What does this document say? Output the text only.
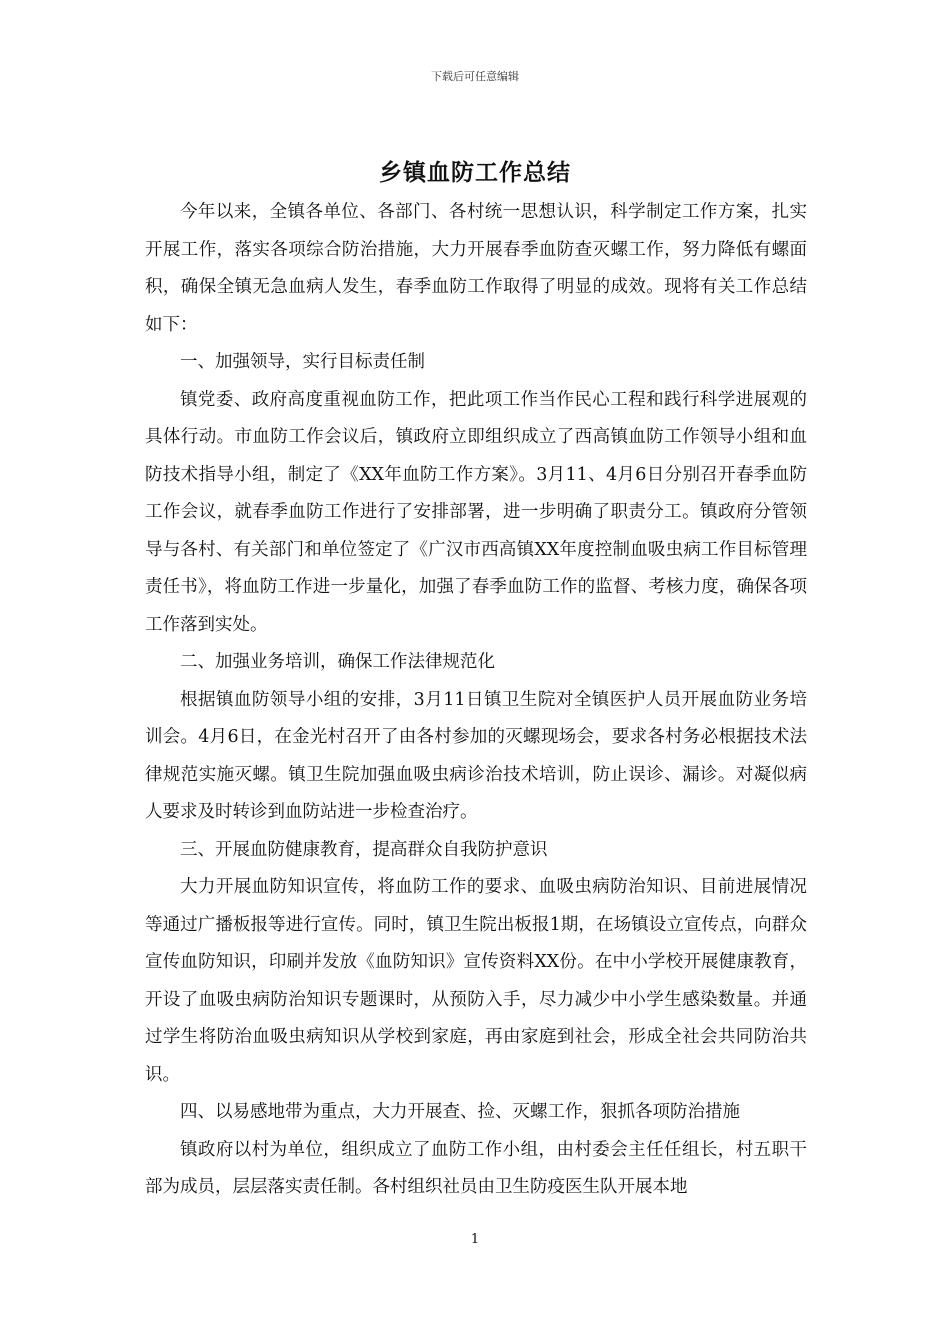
下载后可任意编辑
乡镇血防工作总结

今年以来，全镇各单位、各部门、各村统一思想认识，科学制定工作方案，扎实开展工作，落实各项综合防治措施，大力开展春季血防查灭螺工作，努力降低有螺面积，确保全镇无急血病人发生，春季血防工作取得了明显的成效。现将有关工作总结如下：

一、加强领导，实行目标责任制

镇党委、政府高度重视血防工作，把此项工作当作民心工程和践行科学进展观的具体行动。市血防工作会议后，镇政府立即组织成立了西高镇血防工作领导小组和血防技术指导小组，制定了《XX年血防工作方案》。3月11、4月6日分别召开春季血防工作会议，就春季血防工作进行了安排部署，进一步明确了职责分工。镇政府分管领导与各村、有关部门和单位签定了《广汉市西高镇XX年度控制血吸虫病工作目标管理责任书》，将血防工作进一步量化，加强了春季血防工作的监督、考核力度，确保各项工作落到实处。

二、加强业务培训，确保工作法律规范化

根据镇血防领导小组的安排，3月11日镇卫生院对全镇医护人员开展血防业务培训会。4月6日，在金光村召开了由各村参加的灭螺现场会，要求各村务必根据技术法律规范实施灭螺。镇卫生院加强血吸虫病诊治技术培训，防止误诊、漏诊。对凝似病人要求及时转诊到血防站进一步检查治疗。

三、开展血防健康教育，提高群众自我防护意识

大力开展血防知识宣传，将血防工作的要求、血吸虫病防治知识、目前进展情况等通过广播板报等进行宣传。同时，镇卫生院出板报1期，在场镇设立宣传点，向群众宣传血防知识，印刷并发放《血防知识》宣传资料XX份。在中小学校开展健康教育，开设了血吸虫病防治知识专题课时，从预防入手，尽力减少中小学生感染数量。并通过学生将防治血吸虫病知识从学校到家庭，再由家庭到社会，形成全社会共同防治共识。

四、以易感地带为重点，大力开展查、捡、灭螺工作，狠抓各项防治措施

镇政府以村为单位，组织成立了血防工作小组，由村委会主任任组长，村五职干部为成员，层层落实责任制。各村组织社员由卫生防疫医生队开展本地

1
